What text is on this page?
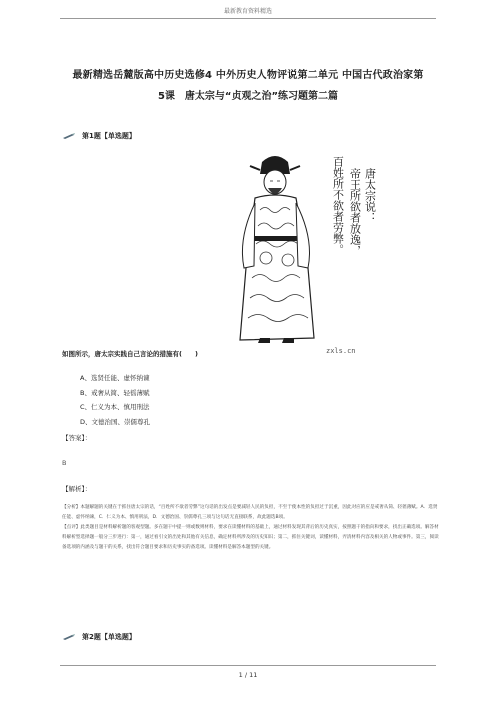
最新教育资料精选
最新精选岳麓版高中历史选修4 中外历史人物评说第二单元 中国古代政治家第
5课　唐太宗与“贞观之治”练习题第二篇
第1题【单选题】
唐太宗说：
帝王所欲者放逸，
百姓所不欲者劳弊。
zxls.cn
如图所示，唐太宗实践自己言论的措施有(　　)
A、选贤任能、虚怀纳谏
B、戒奢从简、轻徭薄赋
C、仁义为本、慎用刑法
D、文德治国、崇儒尊孔
【答案】：
B
【解析】：

【分析】本题解题的关键在于抓住唐太宗的话，“百姓所不欲者劳弊”这句话的出发点是要减轻人民的负担，不至于使本性的负担过于沉重，因此对应的应是戒奢从简、轻徭薄赋。A．选贤任能、虚怀纳谏，C．仁义为本、慎用刑法，D．文德治国、崇儒尊孔三项与这句话无直接联系，故此题选B项。

【点评】此类题目是材料解析题的客观型题。多在题干中提一则或数则材料，要求在读懂材料的基础上，通过材料发现其背后的历史真实，按照题干的指向和要求，找出正确选项。解答材料解析型选择题一般分三步进行：第一，通过看引文的出处和其他有关信息，确定材料所涉及的历史知识；第二，抓住关键词，读懂材料，弄清材料内容及相关的人物或事件。第三，阅读备选项的内涵及与题干的关系，找出符合题目要求和历史事实的备选项。读懂材料是解答本题型的关键。

第2题【单选题】
1 / 11
